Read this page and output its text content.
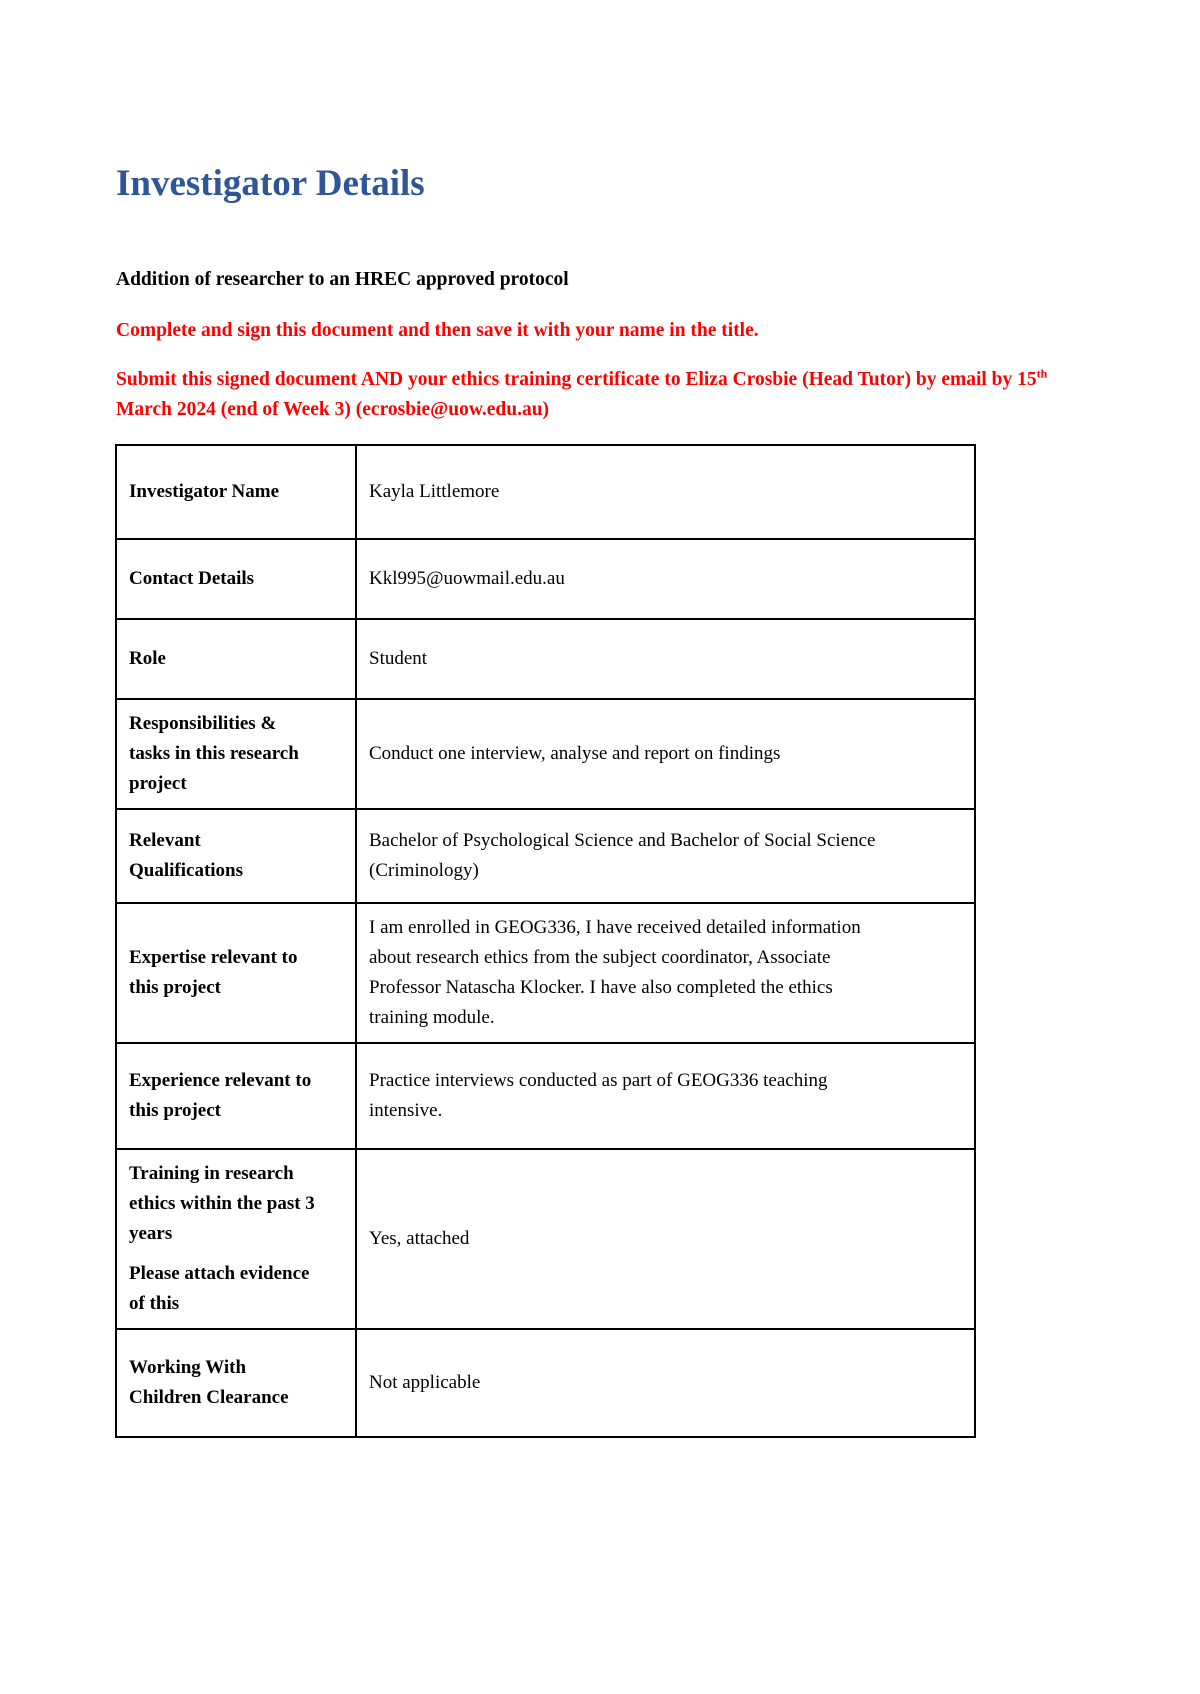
Investigator Details

Addition of researcher to an HREC approved protocol

Complete and sign this document and then save it with your name in the title.

Submit this signed document AND your ethics training certificate to Eliza Crosbie (Head Tutor) by email by 15th March 2024 (end of Week 3) (ecrosbie@uow.edu.au)

Investigator Name	Kayla Littlemore

Contact Details	Kkl995@uowmail.edu.au

Role	Student

Responsibilities &
tasks in this research
project	Conduct one interview, analyse and report on findings

Relevant
Qualifications	Bachelor of Psychological Science and Bachelor of Social Science
(Criminology)

Expertise relevant to
this project	I am enrolled in GEOG336, I have received detailed information
about research ethics from the subject coordinator, Associate
Professor Natascha Klocker. I have also completed the ethics
training module.

Experience relevant to
this project	Practice interviews conducted as part of GEOG336 teaching
intensive.

Training in research
ethics within the past 3
years
Please attach evidence
of this	Yes, attached

Working With
Children Clearance	Not applicable
